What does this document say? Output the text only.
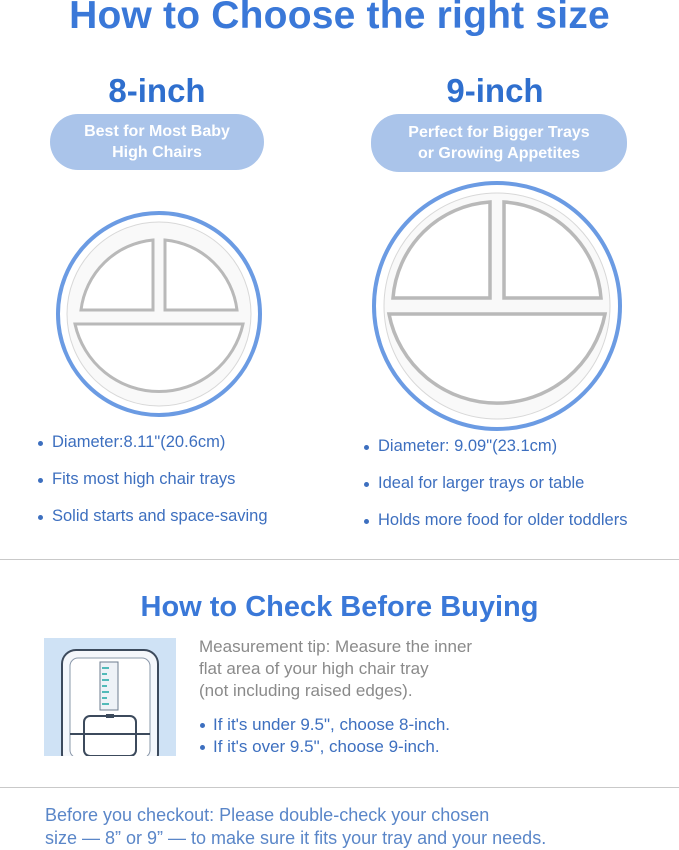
How to Choose the right size
8-inch
Best for Most Baby
High Chairs
Diameter:8.11"(20.6cm)
Fits most high chair trays
Solid starts and space-saving
9-inch
Perfect for Bigger Trays
or Growing Appetites
Diameter: 9.09"(23.1cm)
Ideal for larger trays or table
Holds more food for older toddlers
How to Check Before Buying
Measurement tip: Measure the inner
flat area of your high chair tray
(not including raised edges).
If it's under 9.5", choose 8-inch.
If it's over 9.5", choose 9-inch.
Before you checkout: Please double-check your chosen
size — 8” or 9” — to make sure it fits your tray and your needs.
